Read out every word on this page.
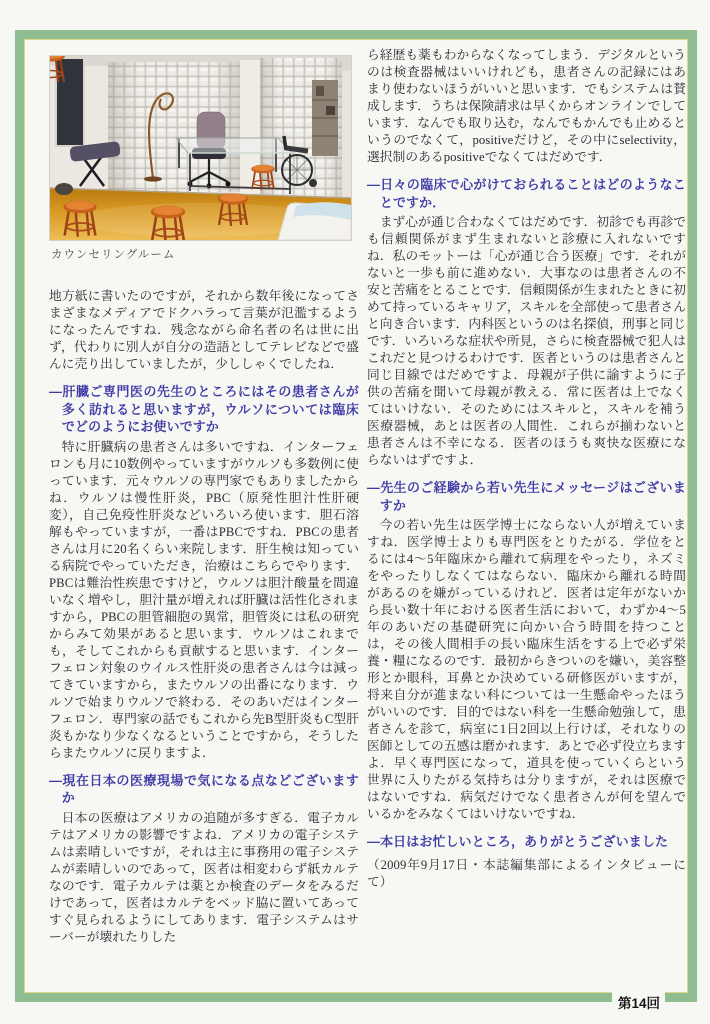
カウンセリングルーム

地方紙に書いたのですが，それから数年後になってさまざまなメディアでドクハラって言葉が氾濫するようになったんですね．残念ながら命名者の名は世に出ず，代わりに別人が自分の造語としてテレビなどで盛んに売り出していましたが，少ししゃくでしたね．

—肝臓ご専門医の先生のところにはその患者さんが多く訪れると思いますが，ウルソについては臨床でどのようにお使いですか

特に肝臓病の患者さんは多いですね．インターフェロンも月に10数例やっていますがウルソも多数例に使っています．元々ウルソの専門家でもありましたからね．ウルソは慢性肝炎，PBC（原発性胆汁性肝硬変），自己免疫性肝炎などいろいろ使います．胆石溶解もやっていますが，一番はPBCですね．PBCの患者さんは月に20名くらい来院します．肝生検は知っている病院でやっていただき，治療はこちらでやります．PBCは難治性疾患ですけど，ウルソは胆汁酸量を間違いなく増やし，胆汁量が増えれば肝臓は活性化されますから，PBCの胆管細胞の異常，胆管炎には私の研究からみて効果があると思います．ウルソはこれまでも，そしてこれからも貢献すると思います．インターフェロン対象のウイルス性肝炎の患者さんは今は減ってきていますから，またウルソの出番になります．ウルソで始まりウルソで終わる．そのあいだはインターフェロン．専門家の話でもこれから先B型肝炎もC型肝炎もかなり少なくなるということですから，そうしたらまたウルソに戻りますよ．

—現在日本の医療現場で気になる点などございますか

日本の医療はアメリカの追随が多すぎる．電子カルテはアメリカの影響ですよね．アメリカの電子システムは素晴しいですが，それは主に事務用の電子システムが素晴しいのであって，医者は相変わらず紙カルテなのです．電子カルテは薬とか検査のデータをみるだけであって，医者はカルテをベッド脇に置いてあってすぐ見られるようにしてあります．電子システムはサーバーが壊れたりした

ら経歴も薬もわからなくなってしまう．デジタルというのは検査器械はいいけれども，患者さんの記録にはあまり使わないほうがいいと思います．でもシステムは賛成します．うちは保険請求は早くからオンラインでしています．なんでも取り込む，なんでもかんでも止めるというのでなくて，positiveだけど，その中にselectivity，選択制のあるpositiveでなくてはだめです．

—日々の臨床で心がけておられることはどのようなことですか．

まず心が通じ合わなくてはだめです．初診でも再診でも信頼関係がまず生まれないと診療に入れないですね．私のモットーは「心が通じ合う医療」です．それがないと一歩も前に進めない．大事なのは患者さんの不安と苦痛をとることです．信頼関係が生まれたときに初めて持っているキャリア，スキルを全部使って患者さんと向き合います．内科医というのは名探偵，刑事と同じです．いろいろな症状や所見，さらに検査器械で犯人はこれだと見つけるわけです．医者というのは患者さんと同じ目線ではだめですよ．母親が子供に諭すように子供の苦痛を聞いて母親が教える．常に医者は上でなくてはいけない．そのためにはスキルと，スキルを補う医療器械，あとは医者の人間性．これらが揃わないと患者さんは不幸になる．医者のほうも爽快な医療にならないはずですよ．

—先生のご経験から若い先生にメッセージはございますか

今の若い先生は医学博士にならない人が増えていますね．医学博士よりも専門医をとりたがる．学位をとるには4～5年臨床から離れて病理をやったり，ネズミをやったりしなくてはならない．臨床から離れる時間があるのを嫌がっているけれど．医者は定年がないから長い数十年における医者生活において，わずか4～5年のあいだの基礎研究に向かい合う時間を持つことは，その後人間相手の長い臨床生活をする上で必ず栄養・糧になるのです．最初からきついのを嫌い，美容整形とか眼科，耳鼻とか決めている研修医がいますが，将来自分が進まない科については一生懸命やったほうがいいのです．目的ではない科を一生懸命勉強して，患者さんを診て，病室に1日2回以上行けば，それなりの医師としての五感は磨かれます．あとで必ず役立ちますよ．早く専門医になって，道具を使っていくらという世界に入りたがる気持ちは分りますが，それは医療ではないですね．病気だけでなく患者さんが何を望んでいるかをみなくてはいけないですね．

—本日はお忙しいところ，ありがとうございました

（2009年9月17日・本誌編集部によるインタビューにて）

第14回
